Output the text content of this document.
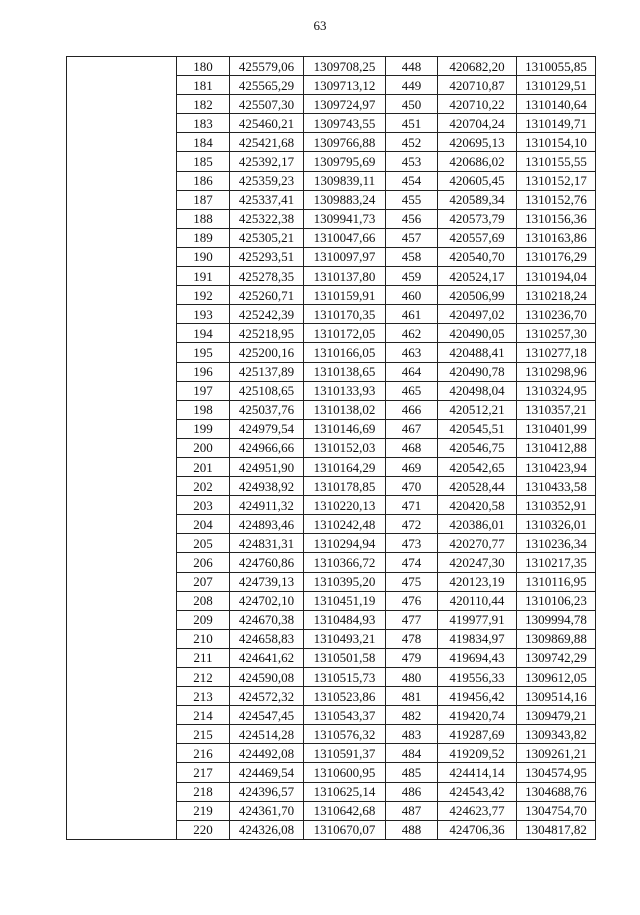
63
	180	425579,06	1309708,25	448	420682,20	1310055,85
	181	425565,29	1309713,12	449	420710,87	1310129,51
	182	425507,30	1309724,97	450	420710,22	1310140,64
	183	425460,21	1309743,55	451	420704,24	1310149,71
	184	425421,68	1309766,88	452	420695,13	1310154,10
	185	425392,17	1309795,69	453	420686,02	1310155,55
	186	425359,23	1309839,11	454	420605,45	1310152,17
	187	425337,41	1309883,24	455	420589,34	1310152,76
	188	425322,38	1309941,73	456	420573,79	1310156,36
	189	425305,21	1310047,66	457	420557,69	1310163,86
	190	425293,51	1310097,97	458	420540,70	1310176,29
	191	425278,35	1310137,80	459	420524,17	1310194,04
	192	425260,71	1310159,91	460	420506,99	1310218,24
	193	425242,39	1310170,35	461	420497,02	1310236,70
	194	425218,95	1310172,05	462	420490,05	1310257,30
	195	425200,16	1310166,05	463	420488,41	1310277,18
	196	425137,89	1310138,65	464	420490,78	1310298,96
	197	425108,65	1310133,93	465	420498,04	1310324,95
	198	425037,76	1310138,02	466	420512,21	1310357,21
	199	424979,54	1310146,69	467	420545,51	1310401,99
	200	424966,66	1310152,03	468	420546,75	1310412,88
	201	424951,90	1310164,29	469	420542,65	1310423,94
	202	424938,92	1310178,85	470	420528,44	1310433,58
	203	424911,32	1310220,13	471	420420,58	1310352,91
	204	424893,46	1310242,48	472	420386,01	1310326,01
	205	424831,31	1310294,94	473	420270,77	1310236,34
	206	424760,86	1310366,72	474	420247,30	1310217,35
	207	424739,13	1310395,20	475	420123,19	1310116,95
	208	424702,10	1310451,19	476	420110,44	1310106,23
	209	424670,38	1310484,93	477	419977,91	1309994,78
	210	424658,83	1310493,21	478	419834,97	1309869,88
	211	424641,62	1310501,58	479	419694,43	1309742,29
	212	424590,08	1310515,73	480	419556,33	1309612,05
	213	424572,32	1310523,86	481	419456,42	1309514,16
	214	424547,45	1310543,37	482	419420,74	1309479,21
	215	424514,28	1310576,32	483	419287,69	1309343,82
	216	424492,08	1310591,37	484	419209,52	1309261,21
	217	424469,54	1310600,95	485	424414,14	1304574,95
	218	424396,57	1310625,14	486	424543,42	1304688,76
	219	424361,70	1310642,68	487	424623,77	1304754,70
	220	424326,08	1310670,07	488	424706,36	1304817,82
